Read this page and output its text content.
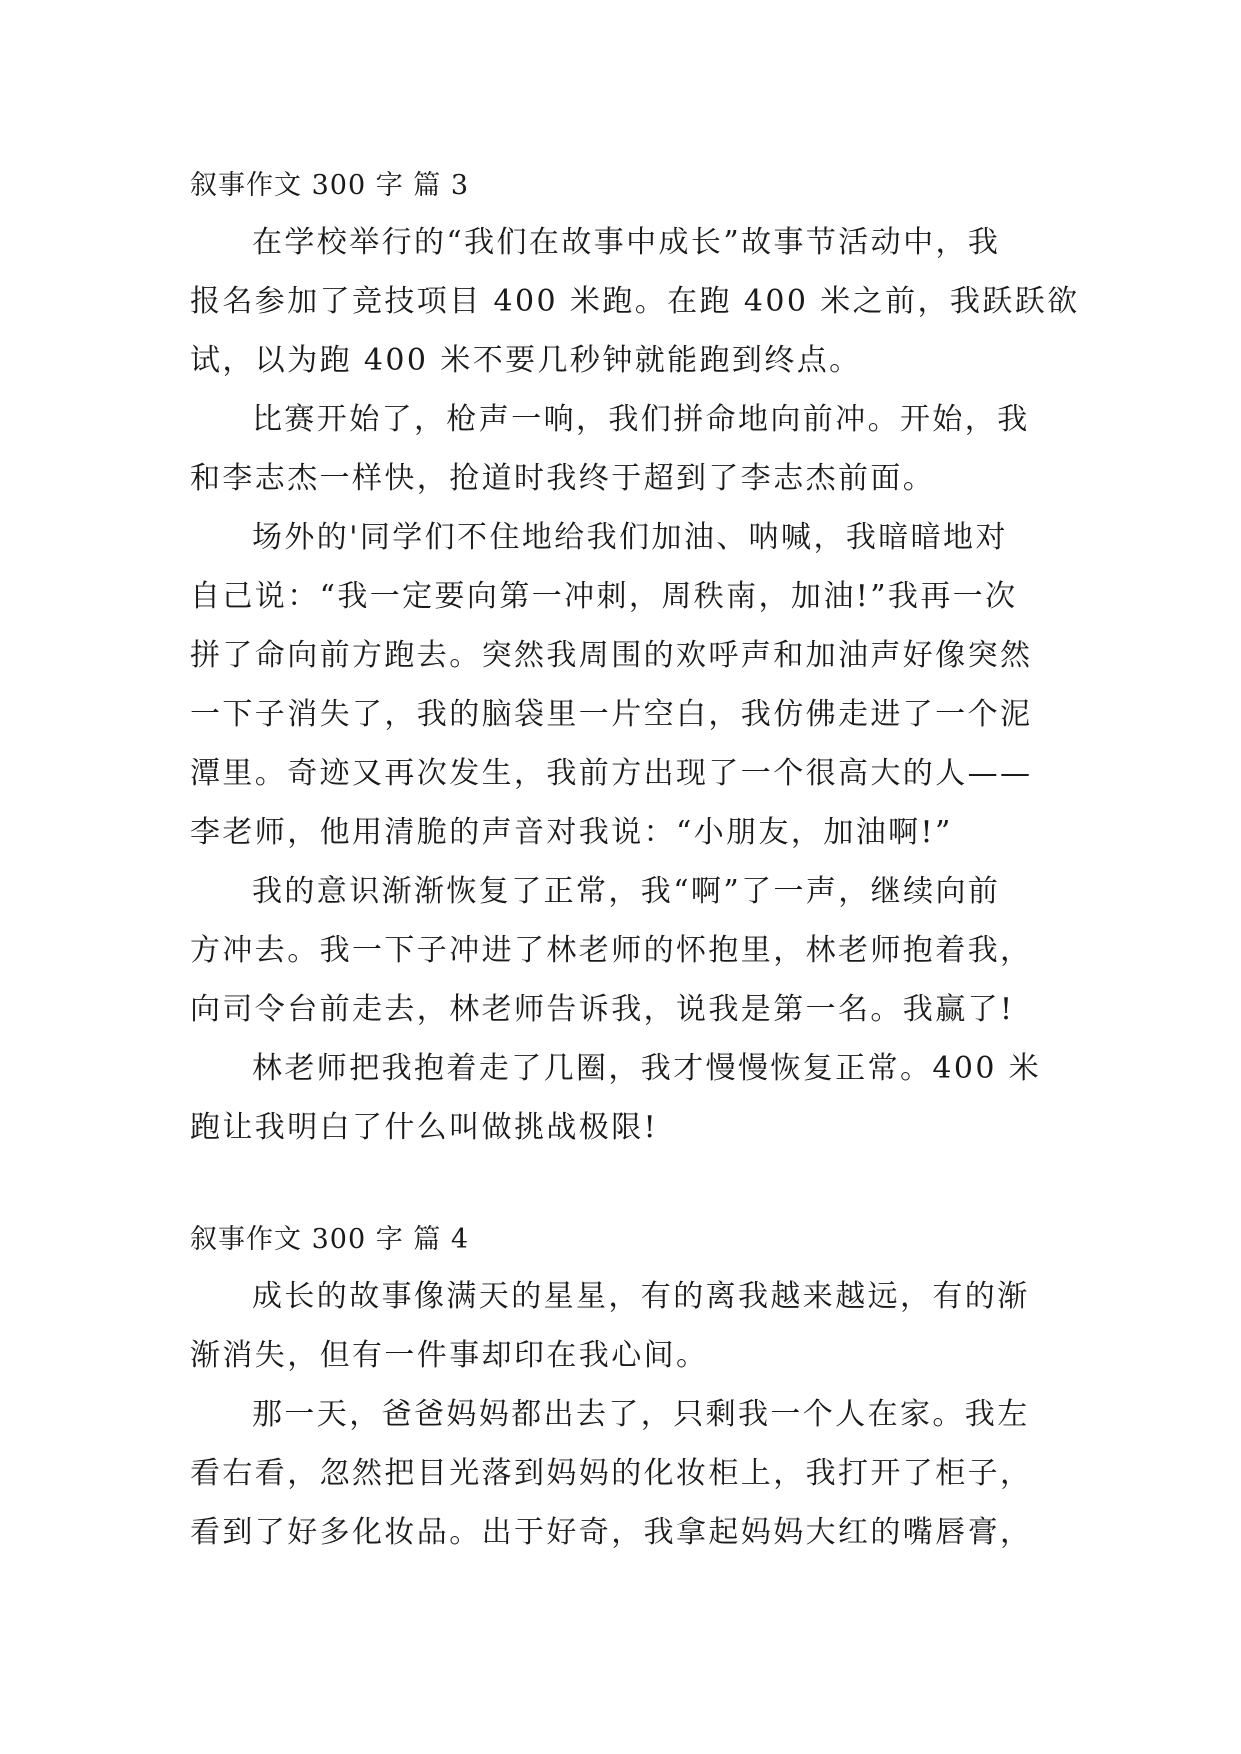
叙事作文 300 字 篇 3
在学校举行的“我们在故事中成长”故事节活动中，我
报名参加了竞技项目 400 米跑。在跑 400 米之前，我跃跃欲
试，以为跑 400 米不要几秒钟就能跑到终点。
比赛开始了，枪声一响，我们拼命地向前冲。开始，我
和李志杰一样快，抢道时我终于超到了李志杰前面。
场外的'同学们不住地给我们加油、呐喊，我暗暗地对
自己说：“我一定要向第一冲刺，周秩南，加油!”我再一次
拼了命向前方跑去。突然我周围的欢呼声和加油声好像突然
一下子消失了，我的脑袋里一片空白，我仿佛走进了一个泥
潭里。奇迹又再次发生，我前方出现了一个很高大的人——
李老师，他用清脆的声音对我说：“小朋友，加油啊!”
我的意识渐渐恢复了正常，我“啊”了一声，继续向前
方冲去。我一下子冲进了林老师的怀抱里，林老师抱着我，
向司令台前走去，林老师告诉我，说我是第一名。我赢了!
林老师把我抱着走了几圈，我才慢慢恢复正常。400 米
跑让我明白了什么叫做挑战极限!
叙事作文 300 字 篇 4
成长的故事像满天的星星，有的离我越来越远，有的渐
渐消失，但有一件事却印在我心间。
那一天，爸爸妈妈都出去了，只剩我一个人在家。我左
看右看，忽然把目光落到妈妈的化妆柜上，我打开了柜子，
看到了好多化妆品。出于好奇，我拿起妈妈大红的嘴唇膏，
